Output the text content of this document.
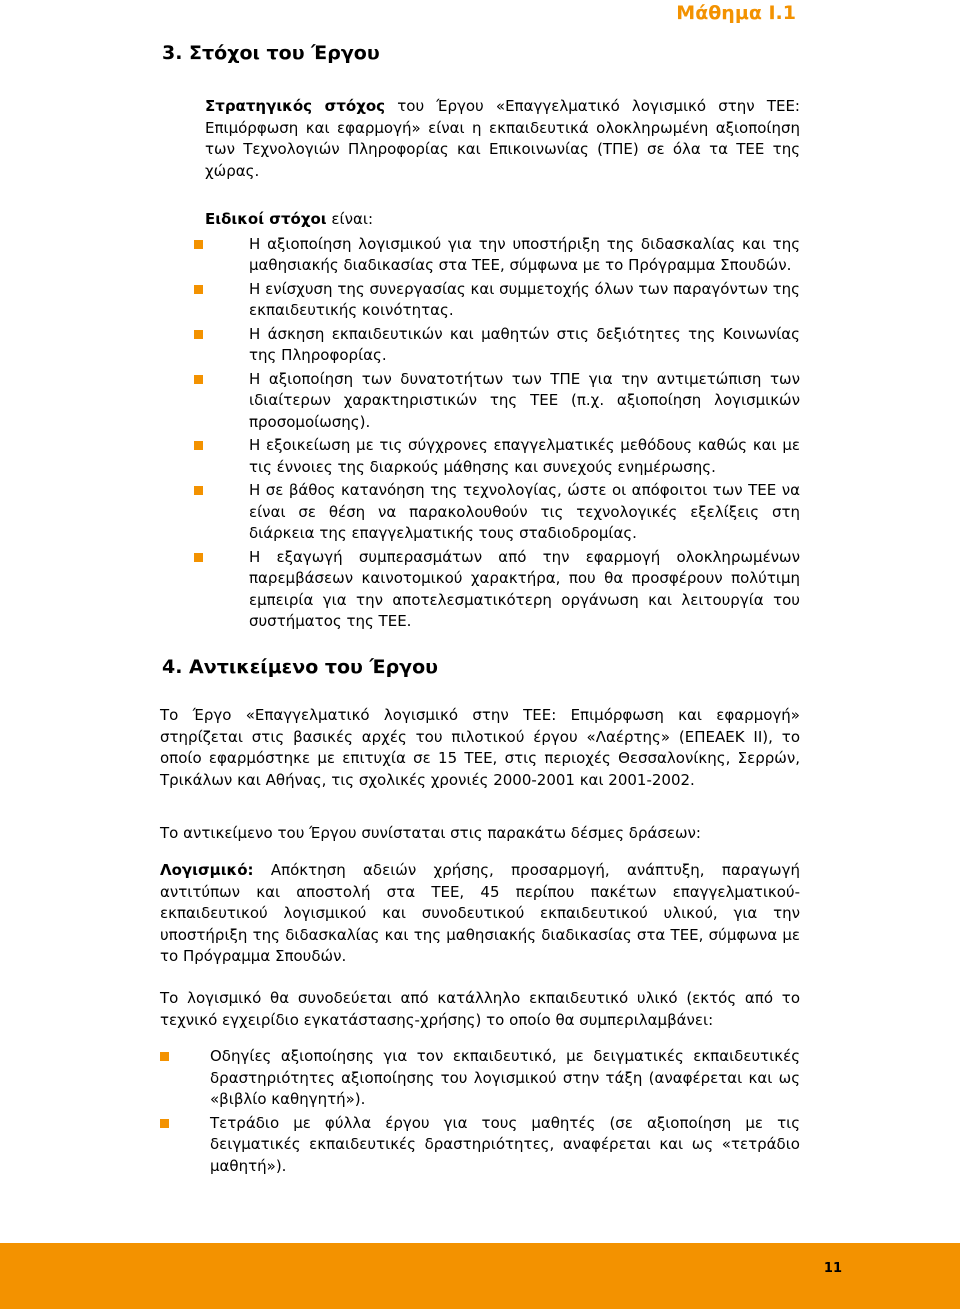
Μάθημα Ι.1
3. Στόχοι του Έργου

Στρατηγικός στόχος του Έργου «Επαγγελματικό λογισμικό στην ΤΕΕ: Επιμόρφωση και εφαρμογή» είναι η εκπαιδευτικά ολοκληρωμένη αξιοποίηση των Τεχνολογιών Πληροφορίας και Επικοινωνίας (ΤΠΕ) σε όλα τα ΤΕΕ της χώρας.

Ειδικοί στόχοι είναι:

Η αξιοποίηση λογισμικού για την υποστήριξη της διδασκαλίας και της μαθησιακής διαδικασίας στα ΤΕΕ, σύμφωνα με το Πρόγραμμα Σπουδών.
Η ενίσχυση της συνεργασίας και συμμετοχής όλων των παραγόντων της εκπαιδευτικής κοινότητας.
Η άσκηση εκπαιδευτικών και μαθητών στις δεξιότητες της Κοινωνίας της Πληροφορίας.
Η αξιοποίηση των δυνατοτήτων των ΤΠΕ για την αντιμετώπιση των ιδιαίτερων χαρακτηριστικών της ΤΕΕ (π.χ. αξιοποίηση λογισμικών προσομοίωσης).
Η εξοικείωση με τις σύγχρονες επαγγελματικές μεθόδους καθώς και με τις έννοιες της διαρκούς μάθησης και συνεχούς ενημέρωσης.
Η σε βάθος κατανόηση της τεχνολογίας, ώστε οι απόφοιτοι των ΤΕΕ να είναι σε θέση να παρακολουθούν τις τεχνολογικές εξελίξεις στη διάρκεια της επαγγελματικής τους σταδιοδρομίας.
Η εξαγωγή συμπερασμάτων από την εφαρμογή ολοκληρωμένων παρεμβάσεων καινοτομικού χαρακτήρα, που θα προσφέρουν πολύτιμη εμπειρία για την αποτελεσματικότερη οργάνωση και λειτουργία του συστήματος της ΤΕΕ.
4. Αντικείμενο του Έργου

Το Έργο «Επαγγελματικό λογισμικό στην ΤΕΕ: Επιμόρφωση και εφαρμογή» στηρίζεται στις βασικές αρχές του πιλοτικού έργου «Λαέρτης» (ΕΠΕΑΕΚ ΙΙ), το οποίο εφαρμόστηκε με επιτυχία σε 15 ΤΕΕ, στις περιοχές Θεσσαλονίκης, Σερρών, Τρικάλων και Αθήνας, τις σχολικές χρονιές 2000-2001 και 2001-2002.

Το αντικείμενο του Έργου συνίσταται στις παρακάτω δέσμες δράσεων:

Λογισμικό: Απόκτηση αδειών χρήσης, προσαρμογή, ανάπτυξη, παραγωγή αντιτύπων και αποστολή στα ΤΕΕ, 45 περίπου πακέτων επαγγελματικού-εκπαιδευτικού λογισμικού και συνοδευτικού εκπαιδευτικού υλικού, για την υποστήριξη της διδασκαλίας και της μαθησιακής διαδικασίας στα ΤΕΕ, σύμφωνα με το Πρόγραμμα Σπουδών.

Το λογισμικό θα συνοδεύεται από κατάλληλο εκπαιδευτικό υλικό (εκτός από το τεχνικό εγχειρίδιο εγκατάστασης-χρήσης) το οποίο θα συμπεριλαμβάνει:

Οδηγίες αξιοποίησης για τον εκπαιδευτικό, με δειγματικές εκπαιδευτικές δραστηριότητες αξιοποίησης του λογισμικού στην τάξη (αναφέρεται και ως «βιβλίο καθηγητή»).
Τετράδιο με φύλλα έργου για τους μαθητές (σε αξιοποίηση με τις δειγματικές εκπαιδευτικές δραστηριότητες, αναφέρεται και ως «τετράδιο μαθητή»).
11
